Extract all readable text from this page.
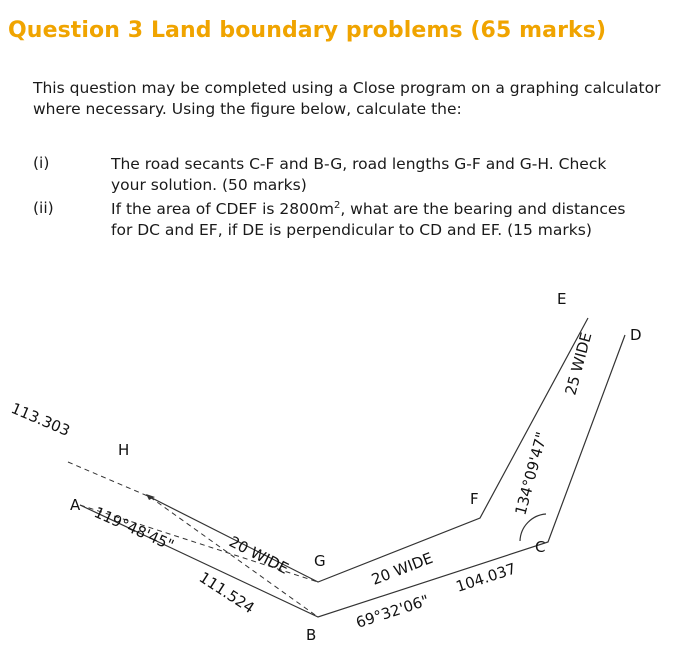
Question 3 Land boundary problems (65 marks)
This question may be completed using a Close program on a graphing calculator where necessary. Using the figure below, calculate the:
(i)	The road secants C-F and B-G, road lengths G-F and G-H. Check
your solution. (50 marks)
(ii)	If the area of CDEF is $2800m^2$, what are the bearing and distances
for DC and EF, if DE is perpendicular to CD and EF. (15 marks)
H
A
G
B
F
C
E
D
113.303
119°48'45"
20 WIDE
111.524	20 WIDE
69°32'06"
104.037
134°09'47"
25 WIDE
